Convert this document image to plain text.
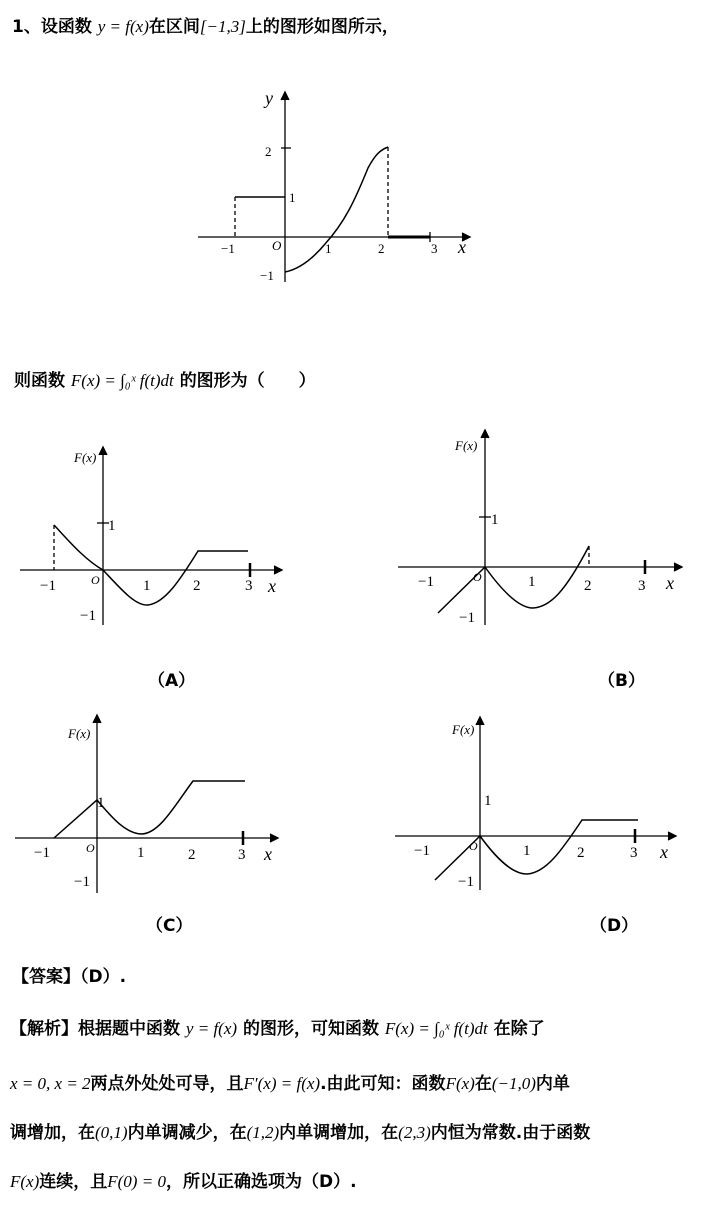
1、设函数 y = f(x)在区间[−1,3]上的图形如图所示，
y
x
O
−1	1	2	3
2
1
−1
则函数 F(x) = ∫₀ˣ f(t)dt 的图形为（　　）
F(x)
x
O
−1	1	2	3
1
−1
（A）
F(x)
x
O
−1	1	2	3
1
−1
（B）
F(x)
x
O
−1	1	2	3
1
−1
（C）
F(x)
x
O
−1	1	2	3
1
−1
（D）
【答案】（D）.
【解析】根据题中函数 y = f(x) 的图形，可知函数 F(x) = ∫₀ˣ f(t)dt 在除了
x = 0, x = 2两点外处处可导，且F′(x) = f(x).由此可知：函数F(x)在(−1,0)内单
调增加，在(0,1)内单调减少，在(1,2)内单调增加，在(2,3)内恒为常数.由于函数
F(x)连续，且F(0) = 0，所以正确选项为（D）.
